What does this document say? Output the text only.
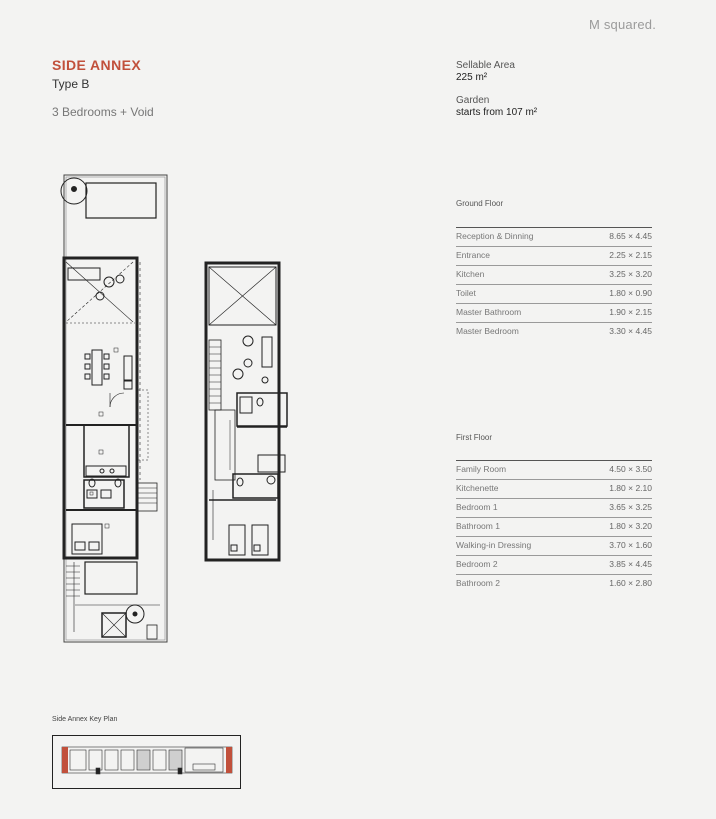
M squared.
SIDE ANNEX
Type B
3 Bedrooms + Void
Sellable Area
225 m²
Garden
starts from 107 m²
Ground Floor
Reception & Dinning	8.65 × 4.45
Entrance	2.25 × 2.15
Kitchen	3.25 × 3.20
Toilet	1.80 × 0.90
Master Bathroom	1.90 × 2.15
Master Bedroom	3.30 × 4.45
First Floor
Family Room	4.50 × 3.50
Kitchenette	1.80 × 2.10
Bedroom 1	3.65 × 3.25
Bathroom 1	1.80 × 3.20
Walking-in Dressing	3.70 × 1.60
Bedroom 2	3.85 × 4.45
Bathroom 2	1.60 × 2.80
Side Annex Key Plan
